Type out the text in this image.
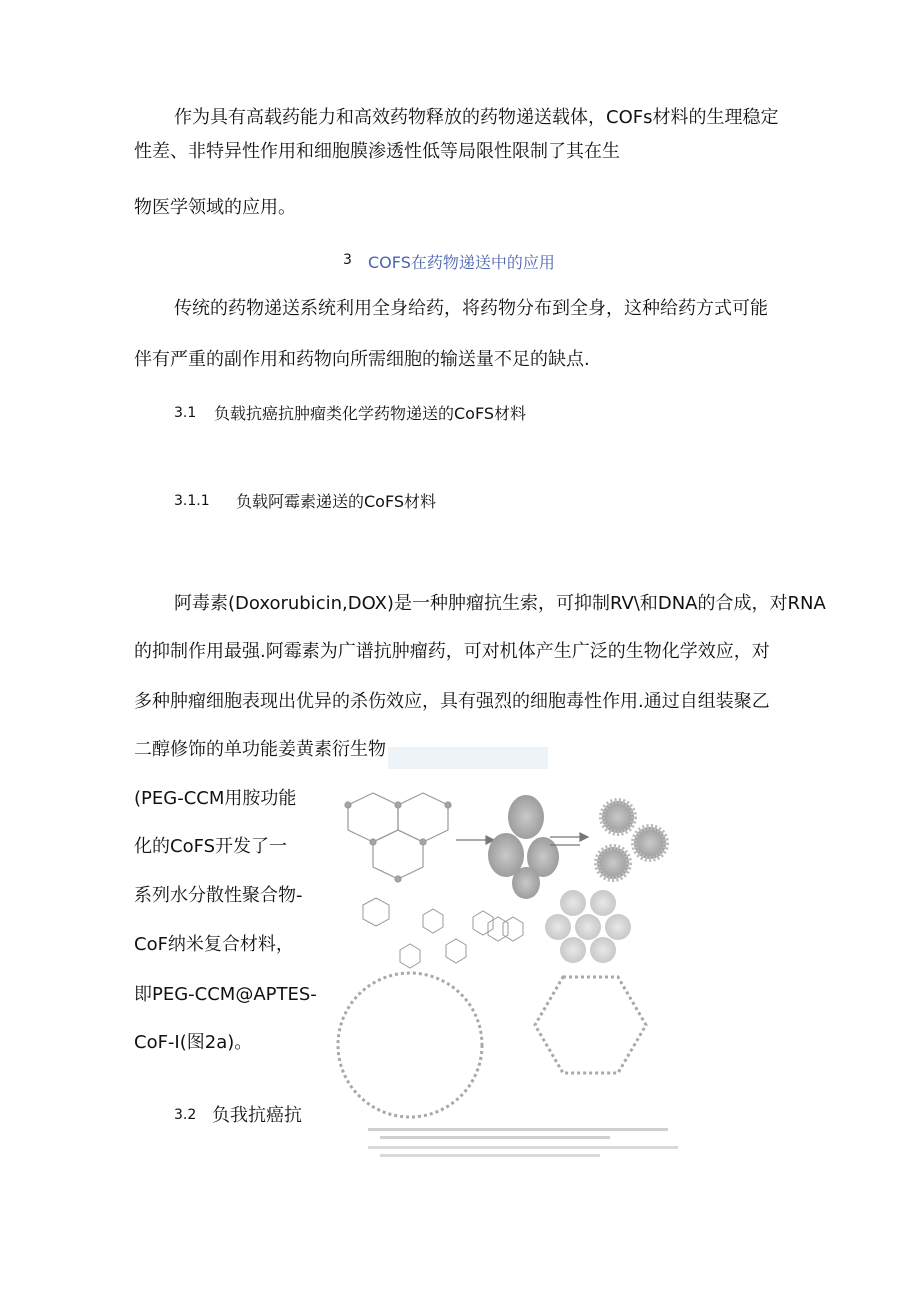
作为具有高载药能力和高效药物释放的药物递送载体，COFs材料的生理稳定
性差、非特异性作用和细胞膜渗透性低等局限性限制了其在生
物医学领域的应用。
3 COFS在药物递送中的应用
传统的药物递送系统利用全身给药，将药物分布到全身，这种给药方式可能
伴有严重的副作用和药物向所需细胞的输送量不足的缺点.
3.1 负载抗癌抗肿瘤类化学药物递送的CoFS材料
3.1.1 负载阿霉素递送的CoFS材料
阿毒素(Doxorubicin,DOX)是一种肿瘤抗生索，可抑制RV\和DNA的合成，对RNA
的抑制作用最强.阿霉素为广谱抗肿瘤药，可对机体产生广泛的生物化学效应，对
多种肿瘤细胞表现出优异的杀伤效应，具有强烈的细胞毒性作用.通过自组装聚乙
二醇修饰的单功能姜黄素衍生物
(PEG-CCM用胺功能
化的CoFS开发了一
系列水分散性聚合物-
CoF纳米复合材料，
即PEG-CCM@APTES-
CoF-I(图2a)。
3.2 负我抗癌抗
